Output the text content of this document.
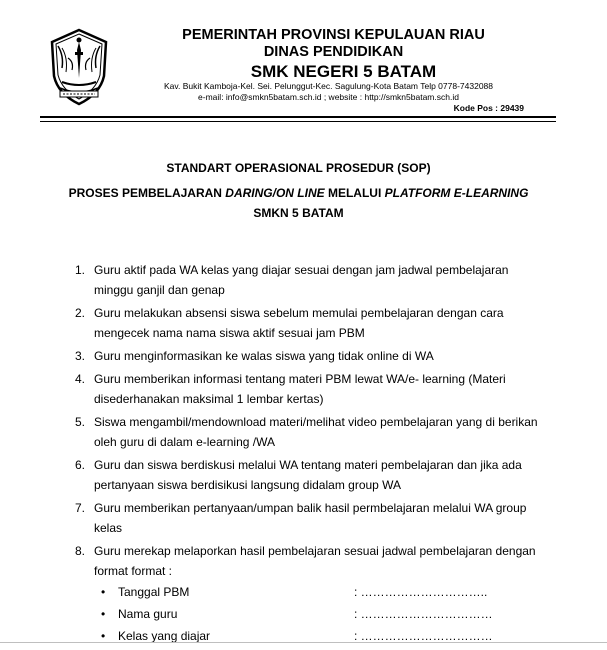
PEMERINTAH PROVINSI KEPULAUAN RIAU
DINAS PENDIDIKAN
SMK NEGERI 5 BATAM
Kav. Bukit Kamboja-Kel. Sei. Pelunggut-Kec. Sagulung-Kota Batam Telp 0778-7432088
e-mail: info@smkn5batam.sch.id ; website : http://smkn5batam.sch.id
Kode Pos : 29439
STANDART OPERASIONAL PROSEDUR (SOP)
PROSES PEMBELAJARAN DARING/ON LINE MELALUI PLATFORM E-LEARNING
SMKN 5 BATAM
1. Guru aktif pada WA kelas yang diajar sesuai dengan jam jadwal pembelajaran minggu ganjil dan genap
2. Guru melakukan absensi siswa sebelum memulai pembelajaran dengan cara mengecek nama nama siswa aktif sesuai jam PBM
3. Guru menginformasikan ke walas siswa yang tidak online di WA
4. Guru memberikan informasi tentang materi PBM lewat WA/e- learning (Materi disederhanakan maksimal 1 lembar kertas)
5. Siswa mengambil/mendownload materi/melihat video pembelajaran yang di berikan oleh guru di dalam e-learning /WA
6. Guru dan siswa berdiskusi melalui WA tentang materi pembelajaran dan jika ada pertanyaan siswa berdisikusi langsung didalam group WA
7. Guru memberikan pertanyaan/umpan balik hasil permbelajaran melalui WA group kelas
8. Guru merekap melaporkan hasil pembelajaran sesuai jadwal pembelajaran dengan format format :
• Tanggal PBM	: …………………………..
• Nama guru	: ……………………………
• Kelas yang diajar	: ……………………………
